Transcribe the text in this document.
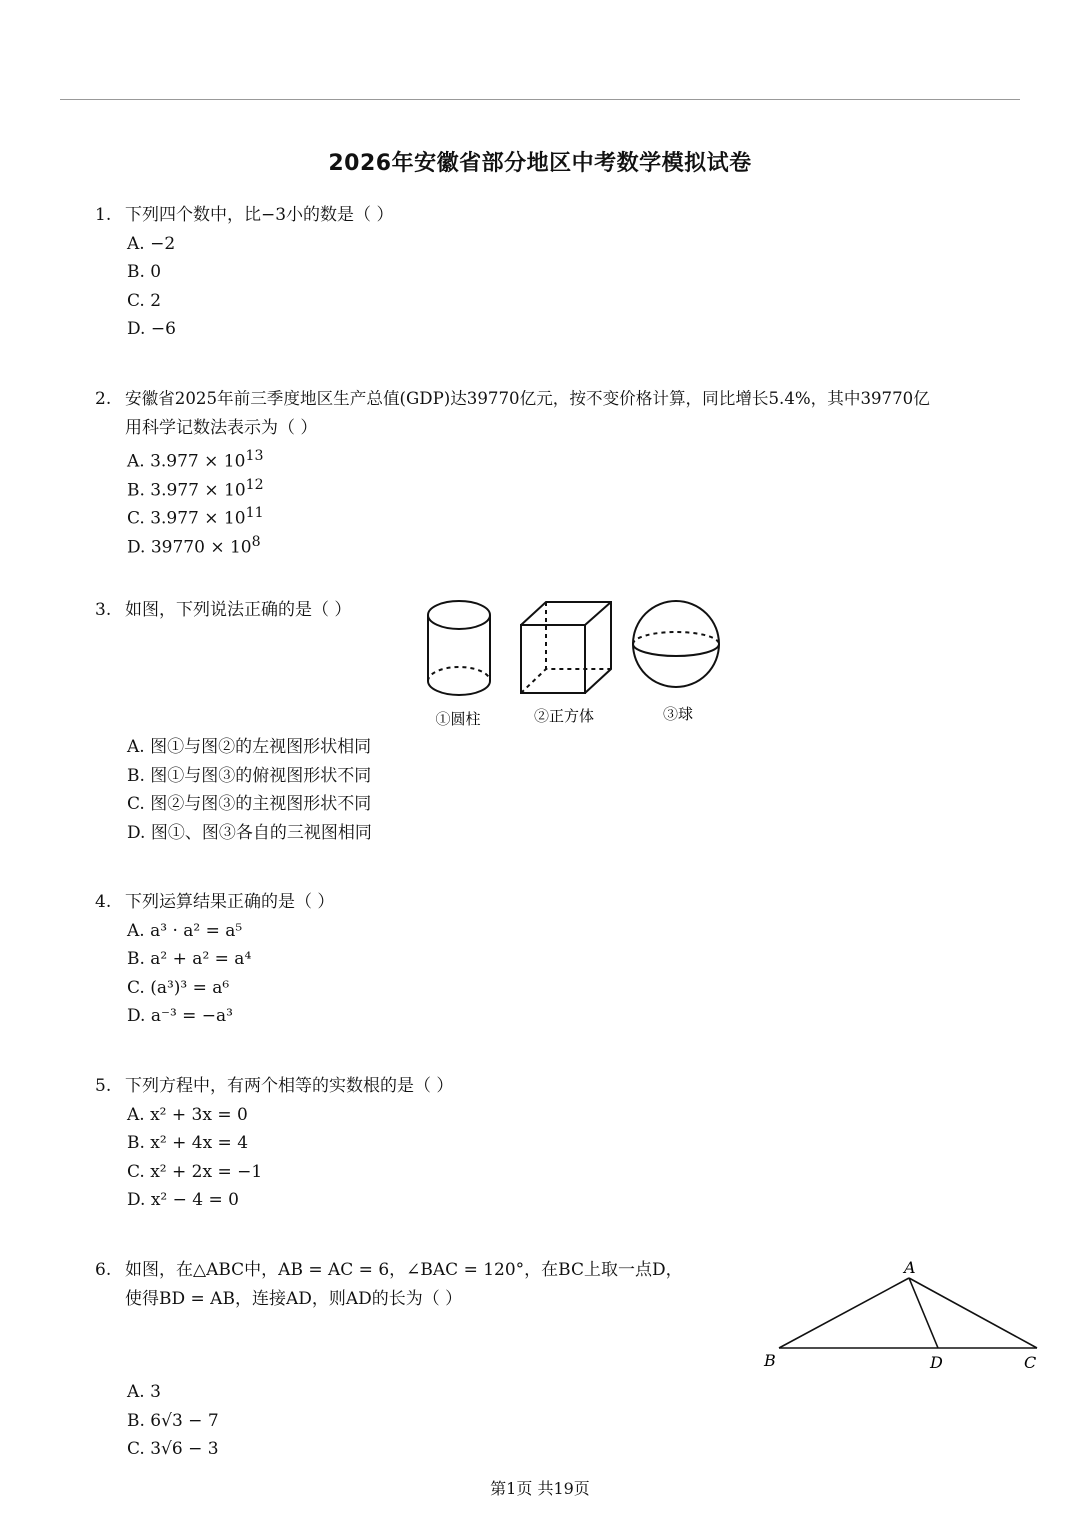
2026年安徽省部分地区中考数学模拟试卷
1. 下列四个数中，比−3小的数是（ ）
A. −2
B. 0
C. 2
D. −6
2. 安徽省2025年前三季度地区生产总值(GDP)达39770亿元，按不变价格计算，同比增长5.4%，其中39770亿
用科学记数法表示为（ ）
A. $3.977 \times 10^{13}$
B. $3.977 \times 10^{12}$
C. $3.977 \times 10^{11}$
D. $39770 \times 10^8$
3. 如图，下列说法正确的是（ ）
A. 图①与图②的左视图形状相同
B. 图①与图③的俯视图形状不同
C. 图②与图③的主视图形状不同
D. 图①、图③各自的三视图相同
①圆柱	②正方体	③球
4. 下列运算结果正确的是（ ）
A. a³ · a² = a⁵
B. a² + a² = a⁴
C. (a³)³ = a⁶
D. a⁻³ = −a³
5. 下列方程中，有两个相等的实数根的是（ ）
A. x² + 3x = 0
B. x² + 4x = 4
C. x² + 2x = −1
D. x² − 4 = 0
6. 如图，在△ABC中，AB = AC = 6，∠BAC = 120°，在BC上取一点D，
使得BD = AB，连接AD，则AD的长为（ ）
A. 3
B. 6√3 − 7
C. 3√6 − 3
A
B	D	C
第1页 共19页
